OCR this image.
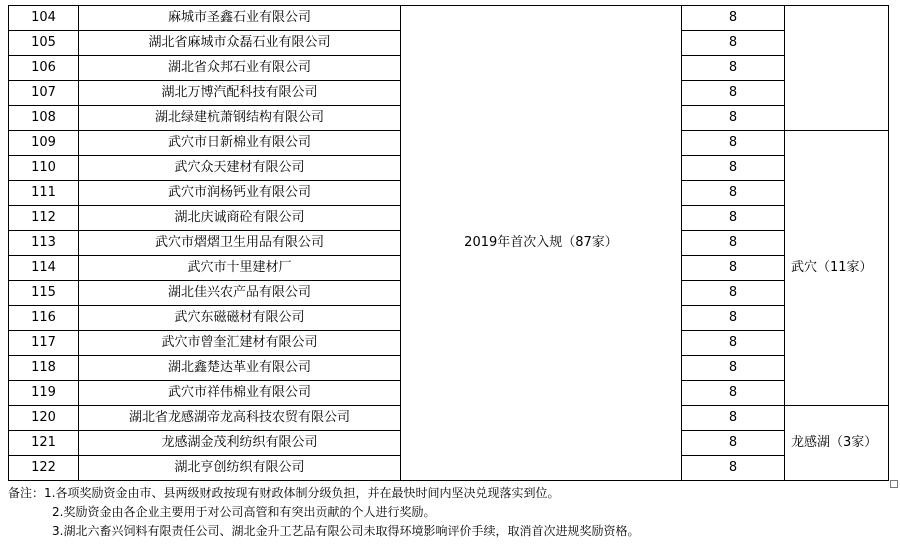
104	麻城市圣鑫石业有限公司	2019年首次入规（87家）	8	
105	湖北省麻城市众磊石业有限公司		8	
106	湖北省众邦石业有限公司		8	
107	湖北万博汽配科技有限公司		8	
108	湖北绿建杭萧钢结构有限公司		8	
109	武穴市日新棉业有限公司		8	武穴（11家）
110	武穴众天建材有限公司		8	
111	武穴市润杨钙业有限公司		8	
112	湖北庆诚商砼有限公司		8	
113	武穴市熠熠卫生用品有限公司		8	
114	武穴市十里建材厂		8	
115	湖北佳兴农产品有限公司		8	
116	武穴东磁磁材有限公司		8	
117	武穴市曾奎汇建材有限公司		8	
118	湖北鑫楚达革业有限公司		8	
119	武穴市祥伟棉业有限公司		8	
120	湖北省龙感湖帝龙高科技农贸有限公司		8	龙感湖（3家）
121	龙感湖金茂利纺织有限公司		8	
122	湖北亨创纺织有限公司		8	
备注：1.各项奖励资金由市、县两级财政按现有财政体制分级负担，并在最快时间内坚决兑现落实到位。
2.奖励资金由各企业主要用于对公司高管和有突出贡献的个人进行奖励。
3.湖北六畜兴饲料有限责任公司、湖北金升工艺品有限公司未取得环境影响评价手续，取消首次进规奖励资格。
